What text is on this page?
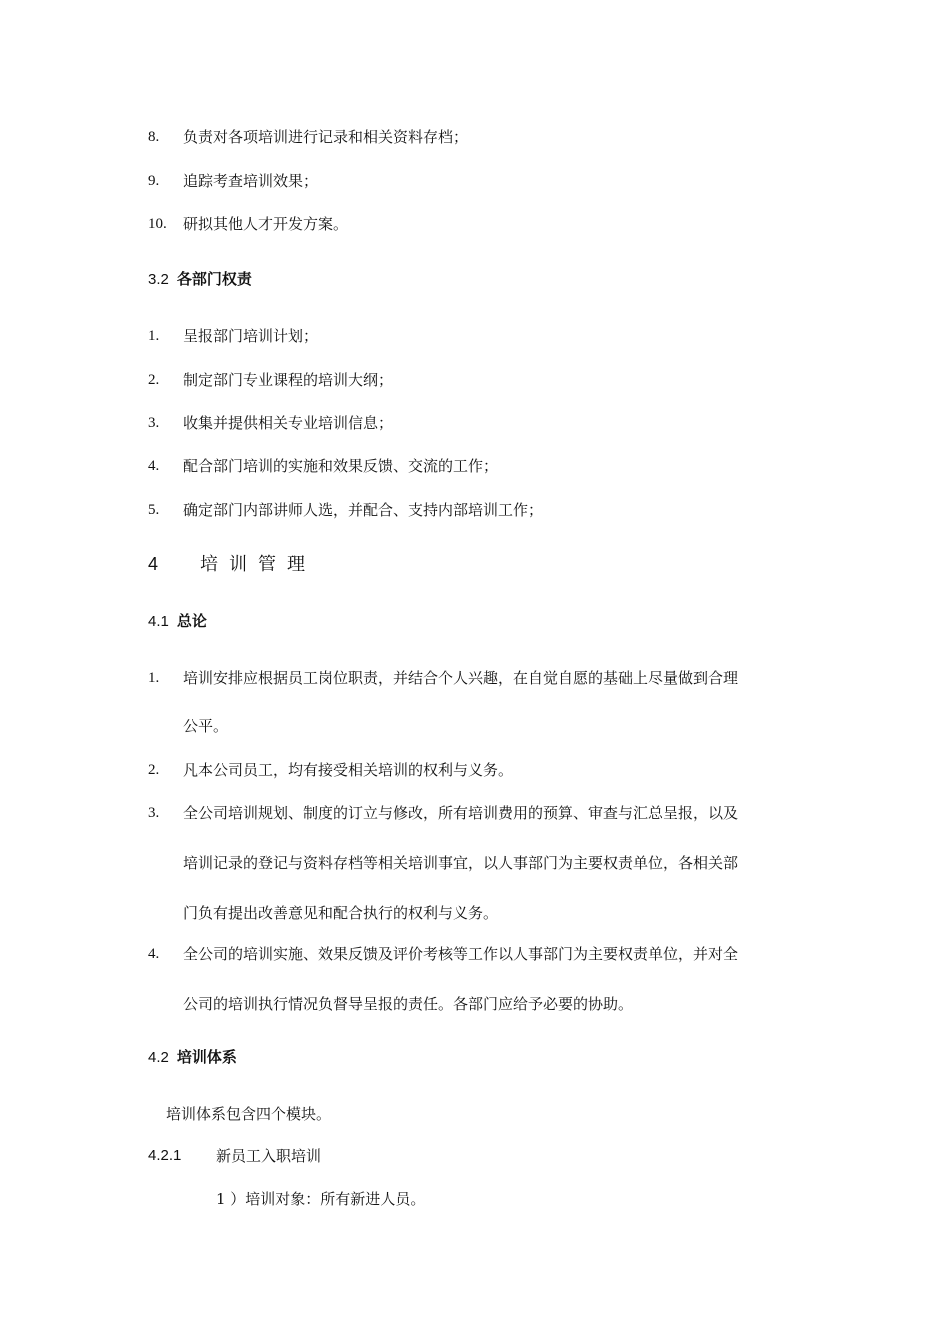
8. 负责对各项培训进行记录和相关资料存档；
9. 追踪考查培训效果；
10. 研拟其他人才开发方案。
3.2 各部门权责
1. 呈报部门培训计划；
2. 制定部门专业课程的培训大纲；
3. 收集并提供相关专业培训信息；
4. 配合部门培训的实施和效果反馈、交流的工作；
5. 确定部门内部讲师人选，并配合、支持内部培训工作；
4 培训管理
4.1 总论
1. 培训安排应根据员工岗位职责，并结合个人兴趣，在自觉自愿的基础上尽量做到合理
公平。
2. 凡本公司员工，均有接受相关培训的权利与义务。
3. 全公司培训规划、制度的订立与修改，所有培训费用的预算、审查与汇总呈报，以及
培训记录的登记与资料存档等相关培训事宜，以人事部门为主要权责单位，各相关部
门负有提出改善意见和配合执行的权利与义务。
4. 全公司的培训实施、效果反馈及评价考核等工作以人事部门为主要权责单位，并对全
公司的培训执行情况负督导呈报的责任。各部门应给予必要的协助。
4.2 培训体系
培训体系包含四个模块。
4.2.1 新员工入职培训
1 ）培训对象：所有新进人员。
